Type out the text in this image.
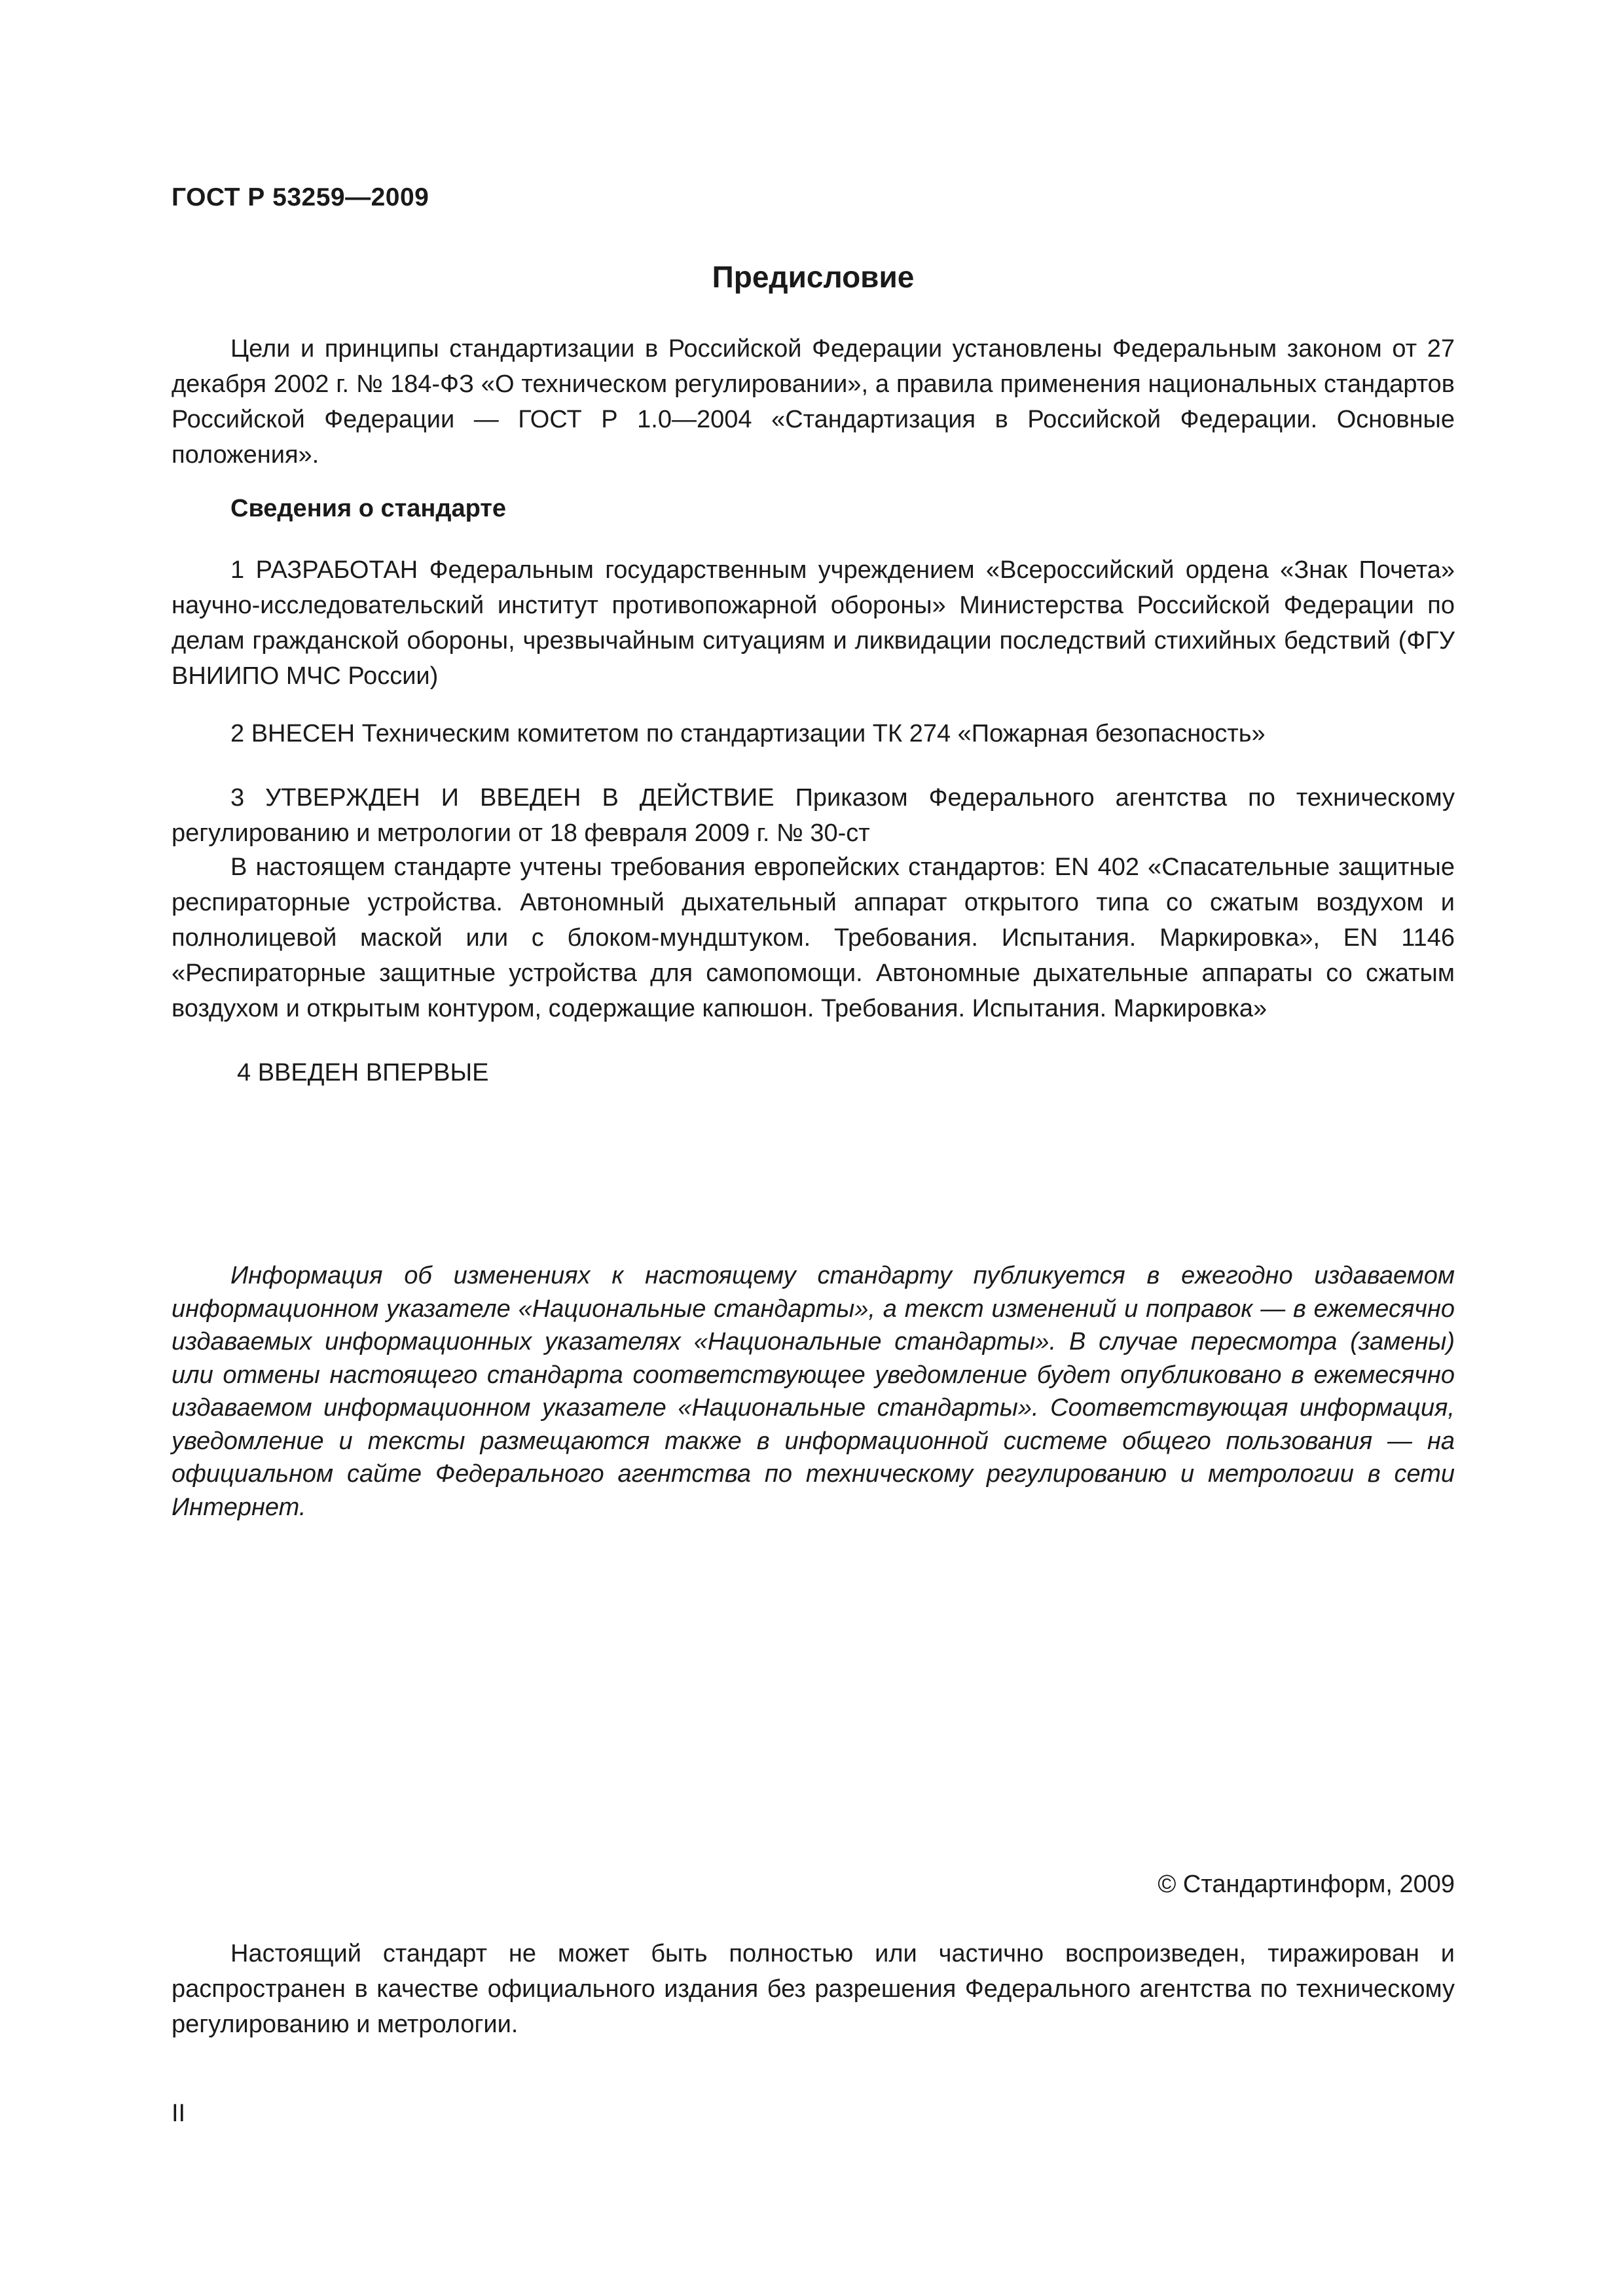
ГОСТ Р 53259—2009
Предисловие
Цели и принципы стандартизации в Российской Федерации установлены Федеральным законом от 27 декабря 2002 г. № 184-ФЗ «О техническом регулировании», а правила применения национальных стандартов Российской Федерации — ГОСТ Р 1.0—2004 «Стандартизация в Российской Федерации. Основные положения».
Сведения о стандарте
1 РАЗРАБОТАН Федеральным государственным учреждением «Всероссийский ордена «Знак Почета» научно-исследовательский институт противопожарной обороны» Министерства Российской Федерации по делам гражданской обороны, чрезвычайным ситуациям и ликвидации последствий стихийных бедствий (ФГУ ВНИИПО МЧС России)
2 ВНЕСЕН Техническим комитетом по стандартизации ТК 274 «Пожарная безопасность»
3 УТВЕРЖДЕН И ВВЕДЕН В ДЕЙСТВИЕ Приказом Федерального агентства по техническому регулированию и метрологии от 18 февраля 2009 г. № 30-ст
В настоящем стандарте учтены требования европейских стандартов: EN 402 «Спасательные защитные респираторные устройства. Автономный дыхательный аппарат открытого типа со сжатым воздухом и полнолицевой маской или с блоком-мундштуком. Требования. Испытания. Маркировка», EN 1146 «Респираторные защитные устройства для самопомощи. Автономные дыхательные аппараты со сжатым воздухом и открытым контуром, содержащие капюшон. Требования. Испытания. Маркировка»
4 ВВЕДЕН ВПЕРВЫЕ
Информация об изменениях к настоящему стандарту публикуется в ежегодно издаваемом информационном указателе «Национальные стандарты», а текст изменений и поправок — в ежемесячно издаваемых информационных указателях «Национальные стандарты». В случае пересмотра (замены) или отмены настоящего стандарта соответствующее уведомление будет опубликовано в ежемесячно издаваемом информационном указателе «Национальные стандарты». Соответствующая информация, уведомление и тексты размещаются также в информационной системе общего пользования — на официальном сайте Федерального агентства по техническому регулированию и метрологии в сети Интернет.
© Стандартинформ, 2009
Настоящий стандарт не может быть полностью или частично воспроизведен, тиражирован и распространен в качестве официального издания без разрешения Федерального агентства по техническому регулированию и метрологии.
II
